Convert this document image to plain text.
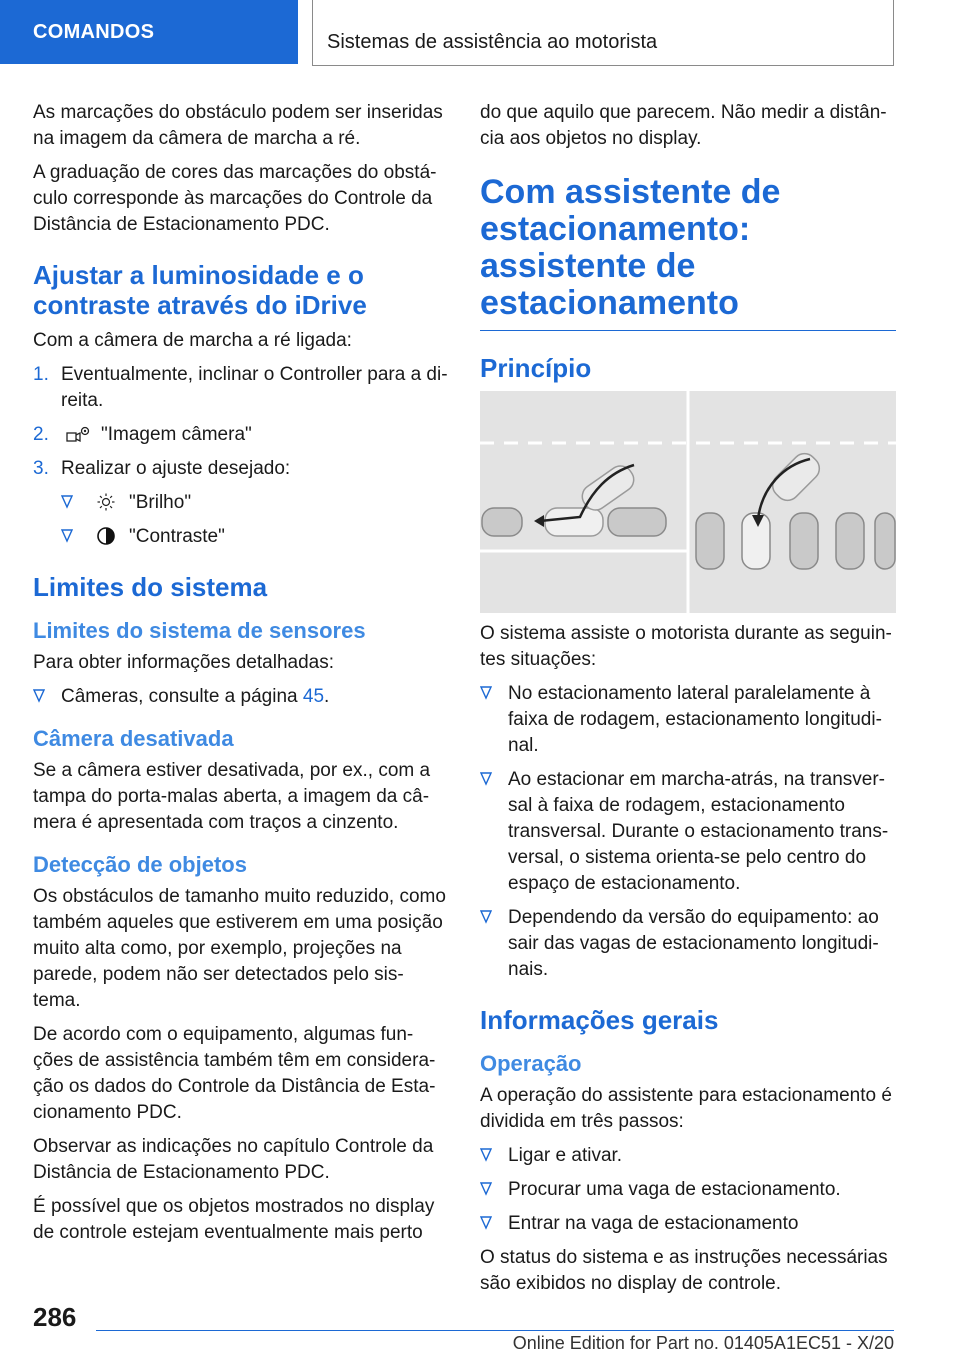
COMANDOS	Sistemas de assistência ao motorista

As marcações do obstáculo podem ser inseridas na imagem da câmera de marcha a ré.

A graduação de cores das marcações do obstá-culo corresponde às marcações do Controle da Distância de Estacionamento PDC.

Ajustar a luminosidade e o contraste através do iDrive

Com a câmera de marcha a ré ligada:

1. Eventualmente, inclinar o Controller para a di-reita.
2.	"Imagem câmera"
3. Realizar o ajuste desejado:
"Brilho"
"Contraste"
Limites do sistema
Limites do sistema de sensores

Para obter informações detalhadas:

Câmeras, consulte a página 45.
Câmera desativada

Se a câmera estiver desativada, por ex., com a tampa do porta-malas aberta, a imagem da câ-mera é apresentada com traços a cinzento.

Detecção de objetos

Os obstáculos de tamanho muito reduzido, como também aqueles que estiverem em uma posição muito alta como, por exemplo, projeções na parede, podem não ser detectados pelo sis-tema.

De acordo com o equipamento, algumas fun-ções de assistência também têm em considera-ção os dados do Controle da Distância de Esta-cionamento PDC.

Observar as indicações no capítulo Controle da Distância de Estacionamento PDC.

É possível que os objetos mostrados no display de controle estejam eventualmente mais perto

do que aquilo que parecem. Não medir a distân-cia aos objetos no display.

Com assistente de estacionamento: assistente de estacionamento
Princípio

O sistema assiste o motorista durante as seguin-tes situações:

No estacionamento lateral paralelamente à faixa de rodagem, estacionamento longitudi-nal.
Ao estacionar em marcha-atrás, na transver-sal à faixa de rodagem, estacionamento transversal. Durante o estacionamento trans-versal, o sistema orienta-se pelo centro do espaço de estacionamento.
Dependendo da versão do equipamento: ao sair das vagas de estacionamento longitudi-nais.
Informações gerais
Operação

A operação do assistente para estacionamento é dividida em três passos:

Ligar e ativar.
Procurar uma vaga de estacionamento.
Entrar na vaga de estacionamento

O status do sistema e as instruções necessárias são exibidos no display de controle.

286
Online Edition for Part no. 01405A1EC51 - X/20
